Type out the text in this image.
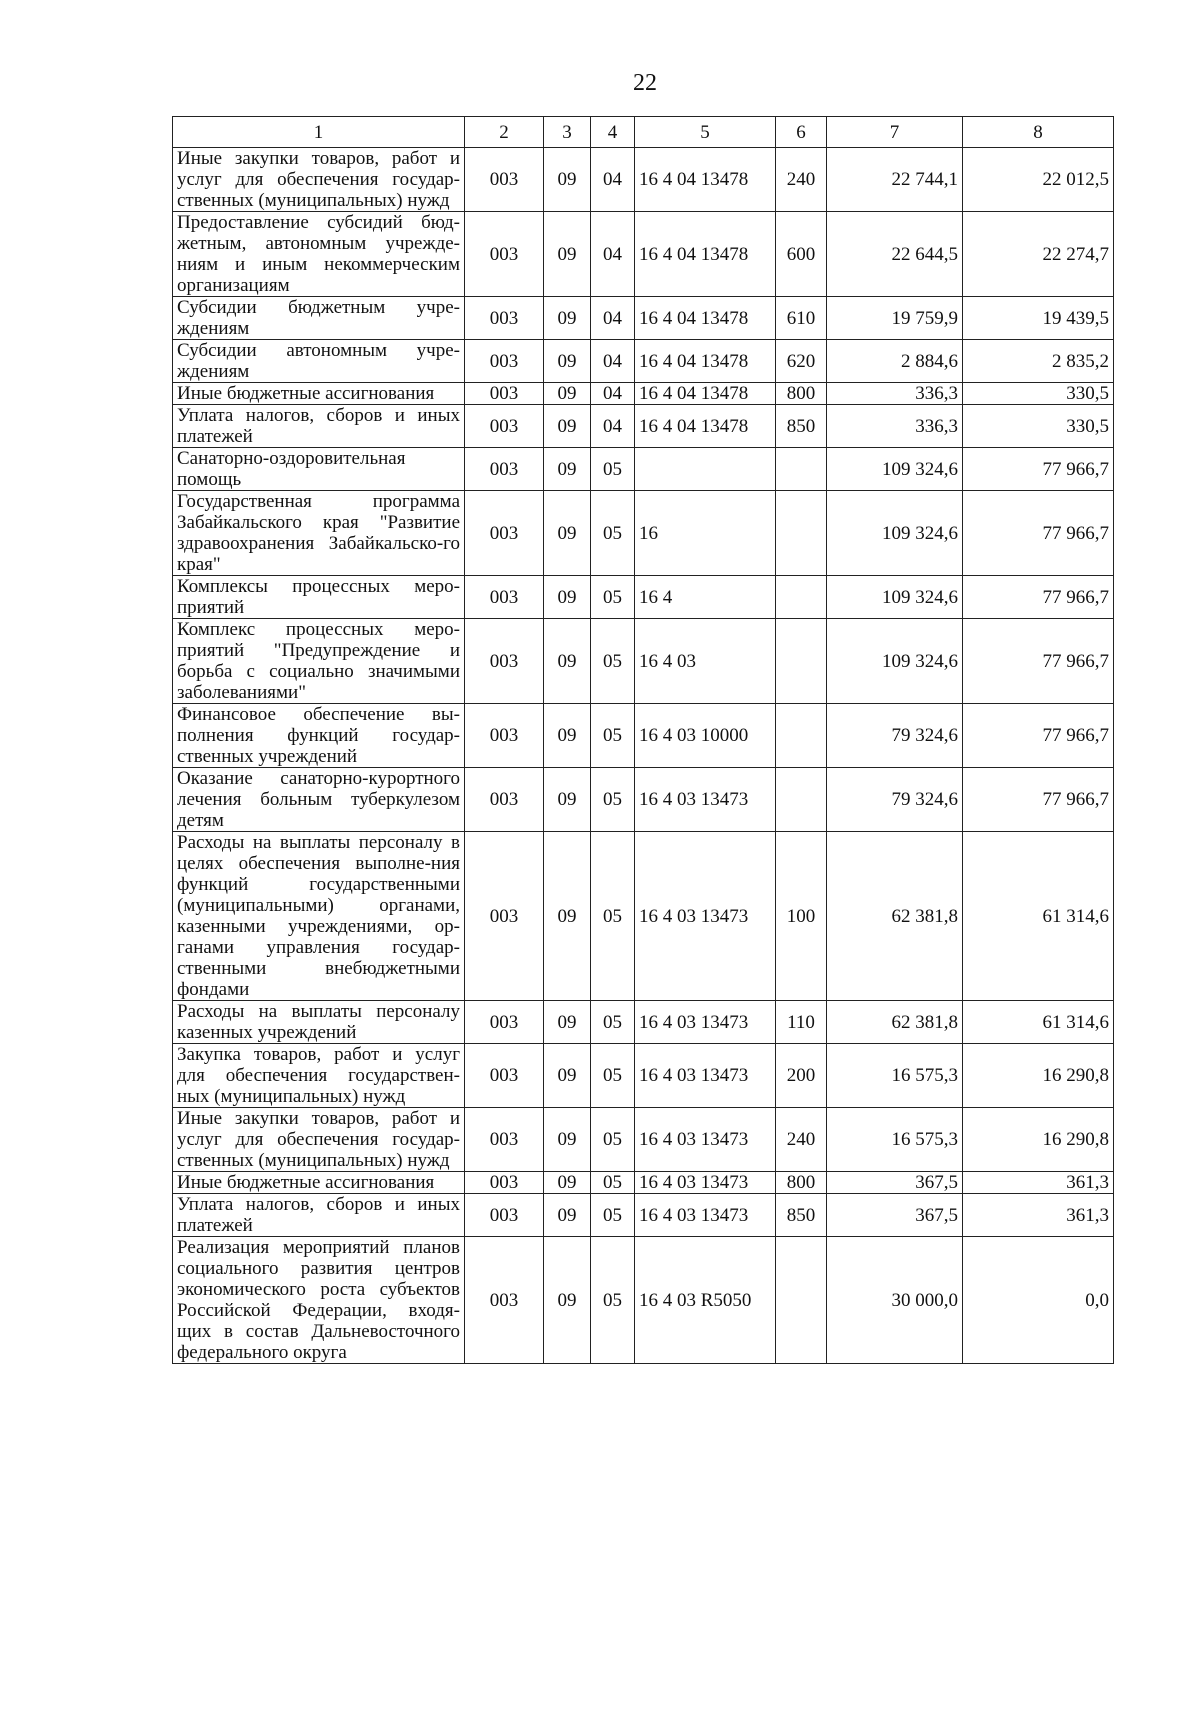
22
1	2	3	4	5	6	7	8
Иные закупки товаров, работ и услуг для обеспечения государ-ственных (муниципальных) нужд	003	09	04	16 4 04 13478	240	22 744,1	22 012,5
Предоставление субсидий бюд-жетным, автономным учрежде-ниям и иным некоммерческим организациям	003	09	04	16 4 04 13478	600	22 644,5	22 274,7
Субсидии бюджетным учре-ждениям	003	09	04	16 4 04 13478	610	19 759,9	19 439,5
Субсидии автономным учре-ждениям	003	09	04	16 4 04 13478	620	2 884,6	2 835,2
Иные бюджетные ассигнования	003	09	04	16 4 04 13478	800	336,3	330,5
Уплата налогов, сборов и иных платежей	003	09	04	16 4 04 13478	850	336,3	330,5
Санаторно-оздоровительная помощь	003	09	05			109 324,6	77 966,7
Государственная программа Забайкальского края "Развитие здравоохранения Забайкальско-го края"	003	09	05	16		109 324,6	77 966,7
Комплексы процессных меро-приятий	003	09	05	16 4		109 324,6	77 966,7
Комплекс процессных меро-приятий "Предупреждение и борьба с социально значимыми заболеваниями"	003	09	05	16 4 03		109 324,6	77 966,7
Финансовое обеспечение вы-полнения функций государ-ственных учреждений	003	09	05	16 4 03 10000		79 324,6	77 966,7
Оказание санаторно-курортного лечения больным туберкулезом детям	003	09	05	16 4 03 13473		79 324,6	77 966,7
Расходы на выплаты персоналу в целях обеспечения выполне-ния функций государственными (муниципальными) органами, казенными учреждениями, ор-ганами управления государ-ственными внебюджетными фондами	003	09	05	16 4 03 13473	100	62 381,8	61 314,6
Расходы на выплаты персоналу казенных учреждений	003	09	05	16 4 03 13473	110	62 381,8	61 314,6
Закупка товаров, работ и услуг для обеспечения государствен-ных (муниципальных) нужд	003	09	05	16 4 03 13473	200	16 575,3	16 290,8
Иные закупки товаров, работ и услуг для обеспечения государ-ственных (муниципальных) нужд	003	09	05	16 4 03 13473	240	16 575,3	16 290,8
Иные бюджетные ассигнования	003	09	05	16 4 03 13473	800	367,5	361,3
Уплата налогов, сборов и иных платежей	003	09	05	16 4 03 13473	850	367,5	361,3
Реализация мероприятий планов социального развития центров экономического роста субъектов Российской Федерации, входя-щих в состав Дальневосточного федерального округа	003	09	05	16 4 03 R5050		30 000,0	0,0
